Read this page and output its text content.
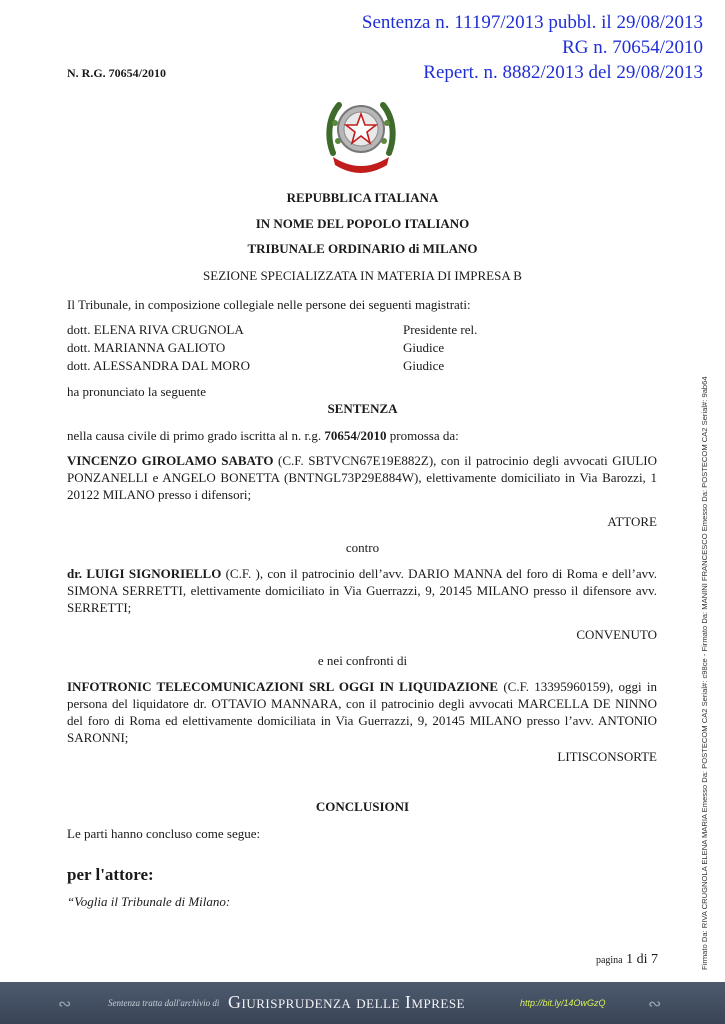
Sentenza n. 11197/2013 pubbl. il 29/08/2013
RG n. 70654/2010
Repert. n. 8882/2013 del 29/08/2013
N. R.G. 70654/2010
REPUBBLICA ITALIANA
IN NOME DEL POPOLO ITALIANO
TRIBUNALE ORDINARIO di MILANO
SEZIONE SPECIALIZZATA IN MATERIA DI IMPRESA B
Il Tribunale, in composizione collegiale nelle persone dei seguenti magistrati:
dott. ELENA RIVA CRUGNOLA	Presidente rel.
dott. MARIANNA GALIOTO	Giudice
dott. ALESSANDRA DAL MORO	Giudice
ha pronunciato la seguente
SENTENZA
nella causa civile di primo grado iscritta al n. r.g. 70654/2010 promossa da:
VINCENZO GIROLAMO SABATO (C.F. SBTVCN67E19E882Z), con il patrocinio degli avvocati GIULIO PONZANELLI e ANGELO BONETTA (BNTNGL73P29E884W), elettivamente domiciliato in Via Barozzi, 1 20122 MILANO presso i difensori;
ATTORE
contro
dr. LUIGI SIGNORIELLO (C.F. ), con il patrocinio dell’avv. DARIO MANNA del foro di Roma e dell’avv. SIMONA SERRETTI, elettivamente domiciliato in Via Guerrazzi, 9, 20145 MILANO presso il difensore avv. SERRETTI;
CONVENUTO
e nei confronti di
INFOTRONIC TELECOMUNICAZIONI SRL OGGI IN LIQUIDAZIONE (C.F. 13395960159), oggi in persona del liquidatore dr. OTTAVIO MANNARA, con il patrocinio degli avvocati MARCELLA DE NINNO del foro di Roma ed elettivamente domiciliata in Via Guerrazzi, 9, 20145 MILANO presso l’avv. ANTONIO SARONNI;
LITISCONSORTE
CONCLUSIONI
Le parti hanno concluso come segue:
per l'attore:
“Voglia il Tribunale di Milano:
pagina 1 di 7	Firmato Da: RIVA CRUGNOLA ELENA MARIA Emesso Da: POSTECOM CA2 Serial#: c98ce - Firmato Da: MANINI FRANCESCO Emesso Da: POSTECOM CA2 Serial#: 9ab64
∾	Sentenza tratta dall'archivio di Giurisprudenza delle Imprese	http://bit.ly/14OwGzQ	∾
